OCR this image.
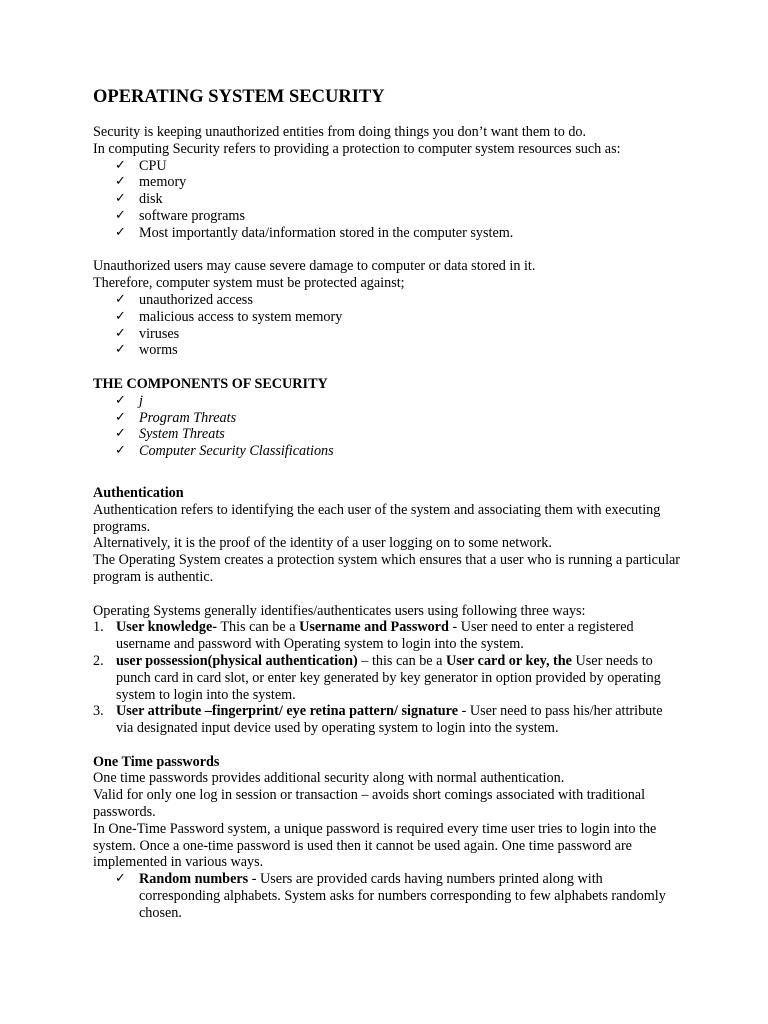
OPERATING SYSTEM SECURITY

Security is keeping unauthorized entities from doing things you don’t want them to do.

In computing Security refers to providing a protection to computer system resources such as:

✓ CPU
✓ memory
✓ disk
✓ software programs
✓ Most importantly data/information stored in the computer system.

Unauthorized users may cause severe damage to computer or data stored in it.

Therefore, computer system must be protected against;

✓ unauthorized access
✓ malicious access to system memory
✓ viruses
✓ worms

THE COMPONENTS OF SECURITY

✓ j
✓ Program Threats
✓ System Threats
✓ Computer Security Classifications

Authentication

Authentication refers to identifying the each user of the system and associating them with executing programs.

Alternatively, it is the proof of the identity of a user logging on to some network.

The Operating System creates a protection system which ensures that a user who is running a particular program is authentic.

Operating Systems generally identifies/authenticates users using following three ways:

1. User knowledge- This can be a Username and Password - User need to enter a registered username and password with Operating system to login into the system.
2. user possession(physical authentication) – this can be a User card or key, the User needs to punch card in card slot, or enter key generated by key generator in option provided by operating system to login into the system.
3. User attribute –fingerprint/ eye retina pattern/ signature - User need to pass his/her attribute via designated input device used by operating system to login into the system.

One Time passwords

One time passwords provides additional security along with normal authentication.

Valid for only one log in session or transaction – avoids short comings associated with traditional passwords.

In One-Time Password system, a unique password is required every time user tries to login into the system. Once a one-time password is used then it cannot be used again. One time password are implemented in various ways.

✓ Random numbers - Users are provided cards having numbers printed along with corresponding alphabets. System asks for numbers corresponding to few alphabets randomly chosen.
